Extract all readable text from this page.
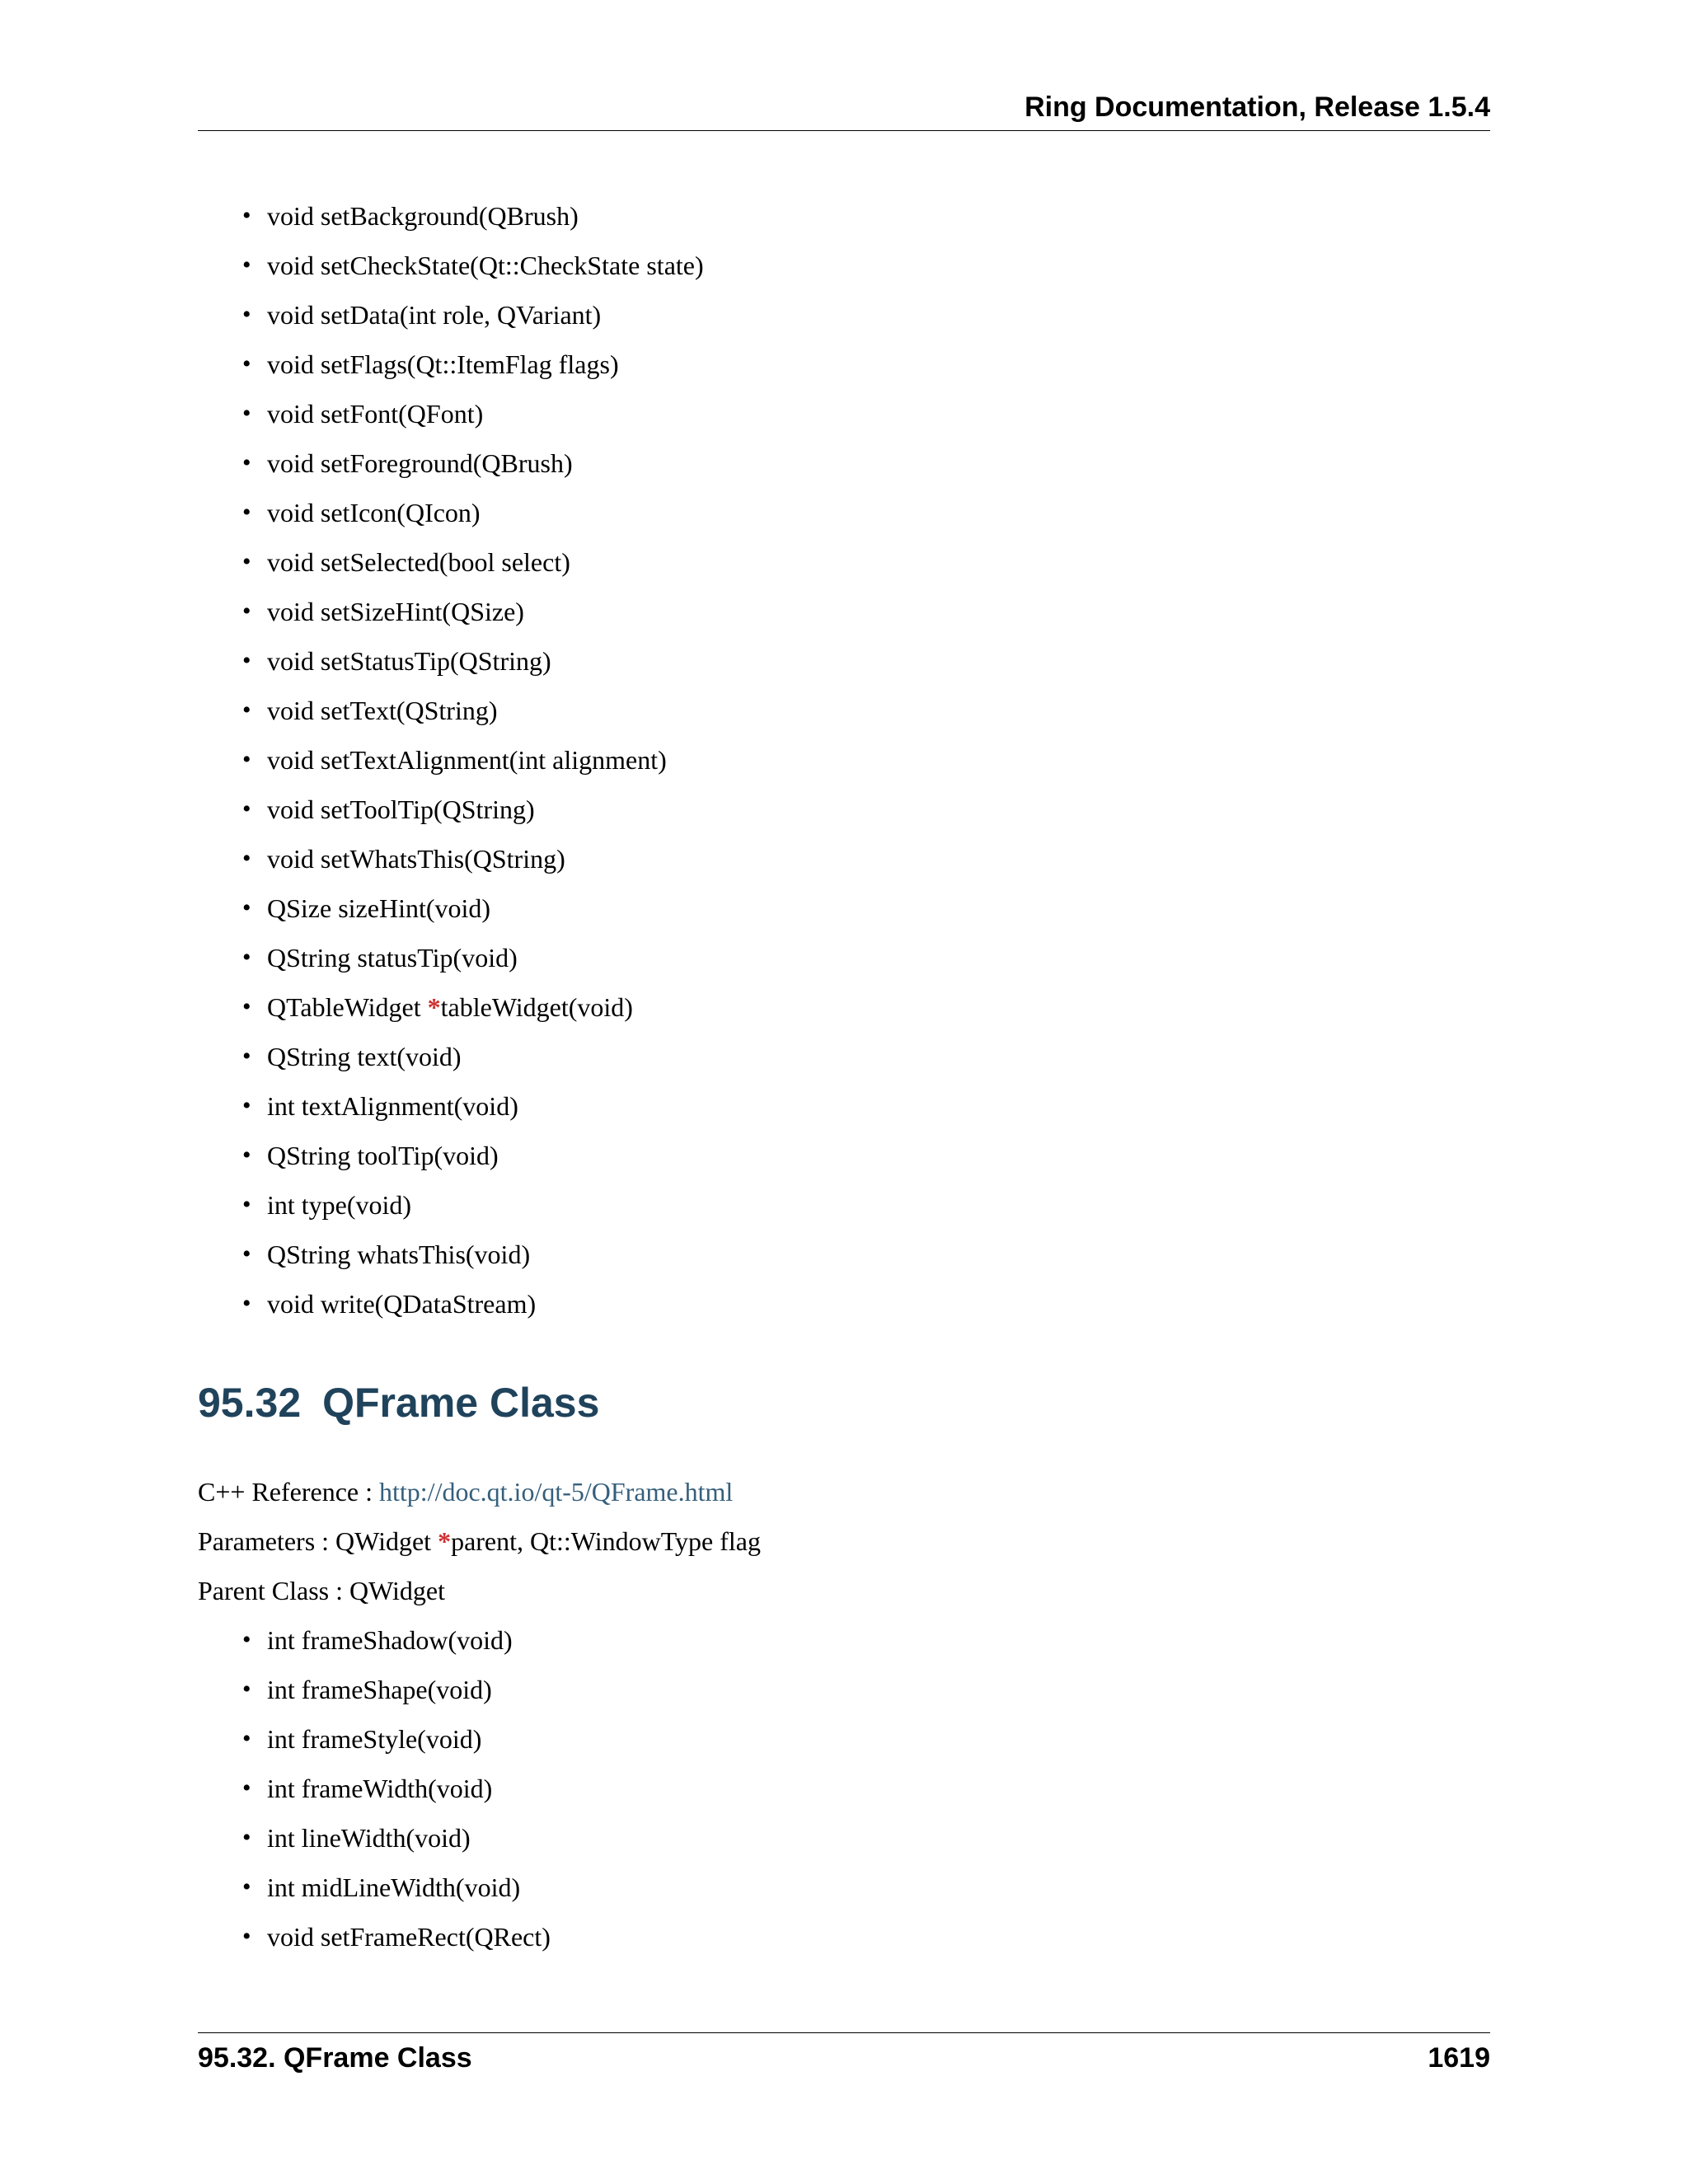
Ring Documentation, Release 1.5.4
• void setBackground(QBrush)
• void setCheckState(Qt::CheckState state)
• void setData(int role, QVariant)
• void setFlags(Qt::ItemFlag flags)
• void setFont(QFont)
• void setForeground(QBrush)
• void setIcon(QIcon)
• void setSelected(bool select)
• void setSizeHint(QSize)
• void setStatusTip(QString)
• void setText(QString)
• void setTextAlignment(int alignment)
• void setToolTip(QString)
• void setWhatsThis(QString)
• QSize sizeHint(void)
• QString statusTip(void)
• QTableWidget *tableWidget(void)
• QString text(void)
• int textAlignment(void)
• QString toolTip(void)
• int type(void)
• QString whatsThis(void)
• void write(QDataStream)
95.32 QFrame Class
C++ Reference : http://doc.qt.io/qt-5/QFrame.html
Parameters : QWidget *parent, Qt::WindowType flag
Parent Class : QWidget
• int frameShadow(void)
• int frameShape(void)
• int frameStyle(void)
• int frameWidth(void)
• int lineWidth(void)
• int midLineWidth(void)
• void setFrameRect(QRect)
95.32. QFrame Class	1619
